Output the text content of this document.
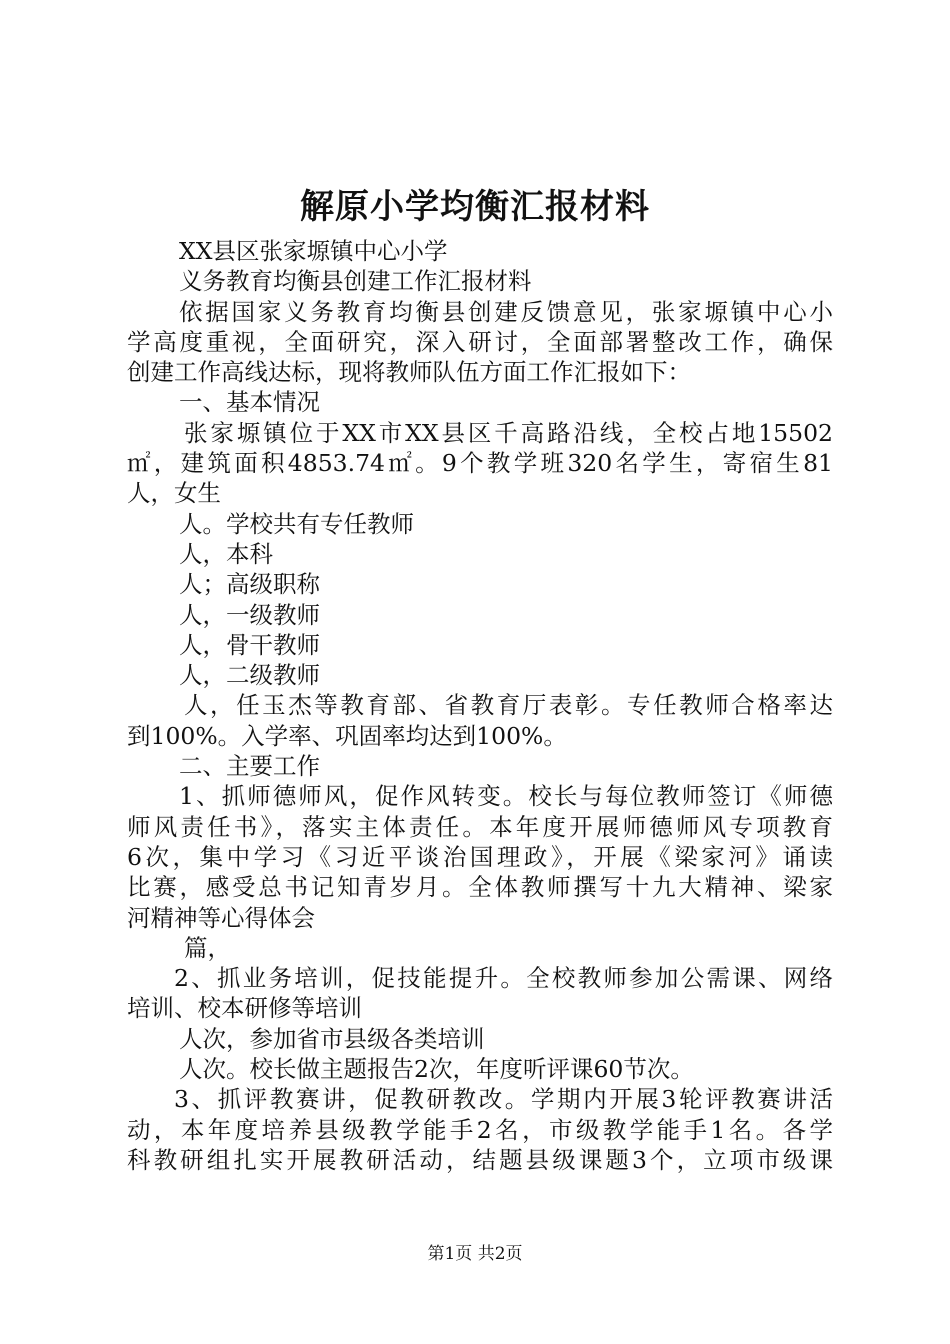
解原小学均衡汇报材料
XX县区张家塬镇中心小学
义务教育均衡县创建工作汇报材料
依据国家义务教育均衡县创建反馈意见，张家塬镇中心小
学高度重视，全面研究，深入研讨，全面部署整改工作，确保
创建工作高线达标，现将教师队伍方面工作汇报如下：
一、基本情况
张家塬镇位于XX市XX县区千高路沿线，全校占地15502
㎡，建筑面积4853.74㎡。9个教学班320名学生，寄宿生81
人，女生
人。学校共有专任教师
人，本科
人；高级职称
人，一级教师
人，骨干教师
人，二级教师
人，任玉杰等教育部、省教育厅表彰。专任教师合格率达
到100%。入学率、巩固率均达到100%。
二、主要工作
1、抓师德师风，促作风转变。校长与每位教师签订《师德
师风责任书》，落实主体责任。本年度开展师德师风专项教育
6次，集中学习《习近平谈治国理政》，开展《梁家河》诵读
比赛，感受总书记知青岁月。全体教师撰写十九大精神、梁家
河精神等心得体会
篇，
2、抓业务培训，促技能提升。全校教师参加公需课、网络
培训、校本研修等培训
人次，参加省市县级各类培训
人次。校长做主题报告2次，年度听评课60节次。
3、抓评教赛讲，促教研教改。学期内开展3轮评教赛讲活
动，本年度培养县级教学能手2名，市级教学能手1名。各学
科教研组扎实开展教研活动，结题县级课题3个，立项市级课
第1页 共2页
